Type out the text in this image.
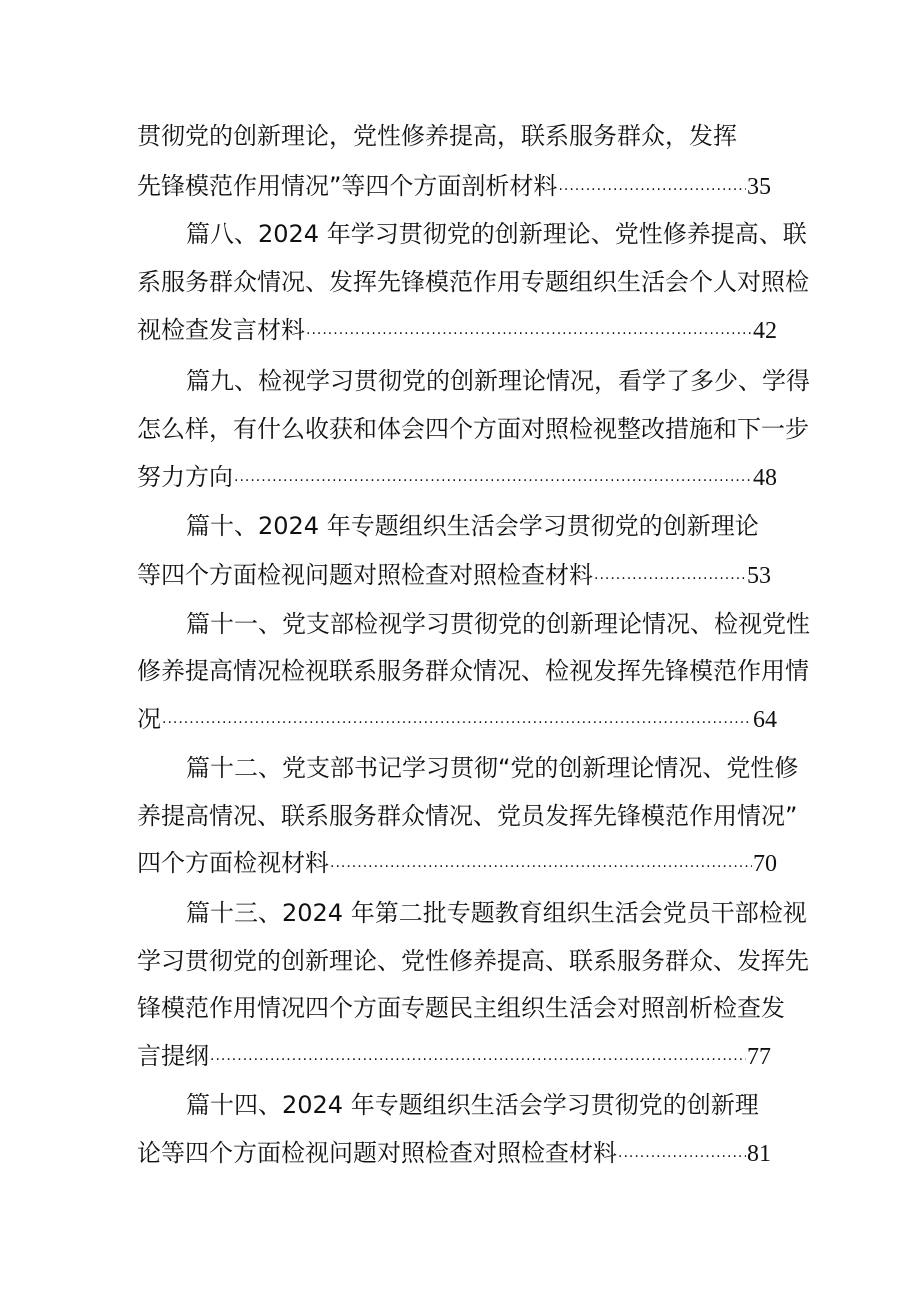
贯彻党的创新理论，党性修养提高，联系服务群众，发挥
先锋模范作用情况”等四个方面剖析材料 .....	35
篇八、2024 年学习贯彻党的创新理论、党性修养提高、联
系服务群众情况、发挥先锋模范作用专题组织生活会个人对照检
视检查发言材料 .....	42
篇九、检视学习贯彻党的创新理论情况，看学了多少、学得
怎么样，有什么收获和体会四个方面对照检视整改措施和下一步
努力方向 .....	48
篇十、2024 年专题组织生活会学习贯彻党的创新理论
等四个方面检视问题对照检查对照检查材料 .....	53
篇十一、党支部检视学习贯彻党的创新理论情况、检视党性
修养提高情况检视联系服务群众情况、检视发挥先锋模范作用情
况 .....	64
篇十二、党支部书记学习贯彻“党的创新理论情况、党性修
养提高情况、联系服务群众情况、党员发挥先锋模范作用情况”
四个方面检视材料 .....	70
篇十三、2024 年第二批专题教育组织生活会党员干部检视
学习贯彻党的创新理论、党性修养提高、联系服务群众、发挥先
锋模范作用情况四个方面专题民主组织生活会对照剖析检查发
言提纲 .....	77
篇十四、2024 年专题组织生活会学习贯彻党的创新理
论等四个方面检视问题对照检查对照检查材料 .....	81
